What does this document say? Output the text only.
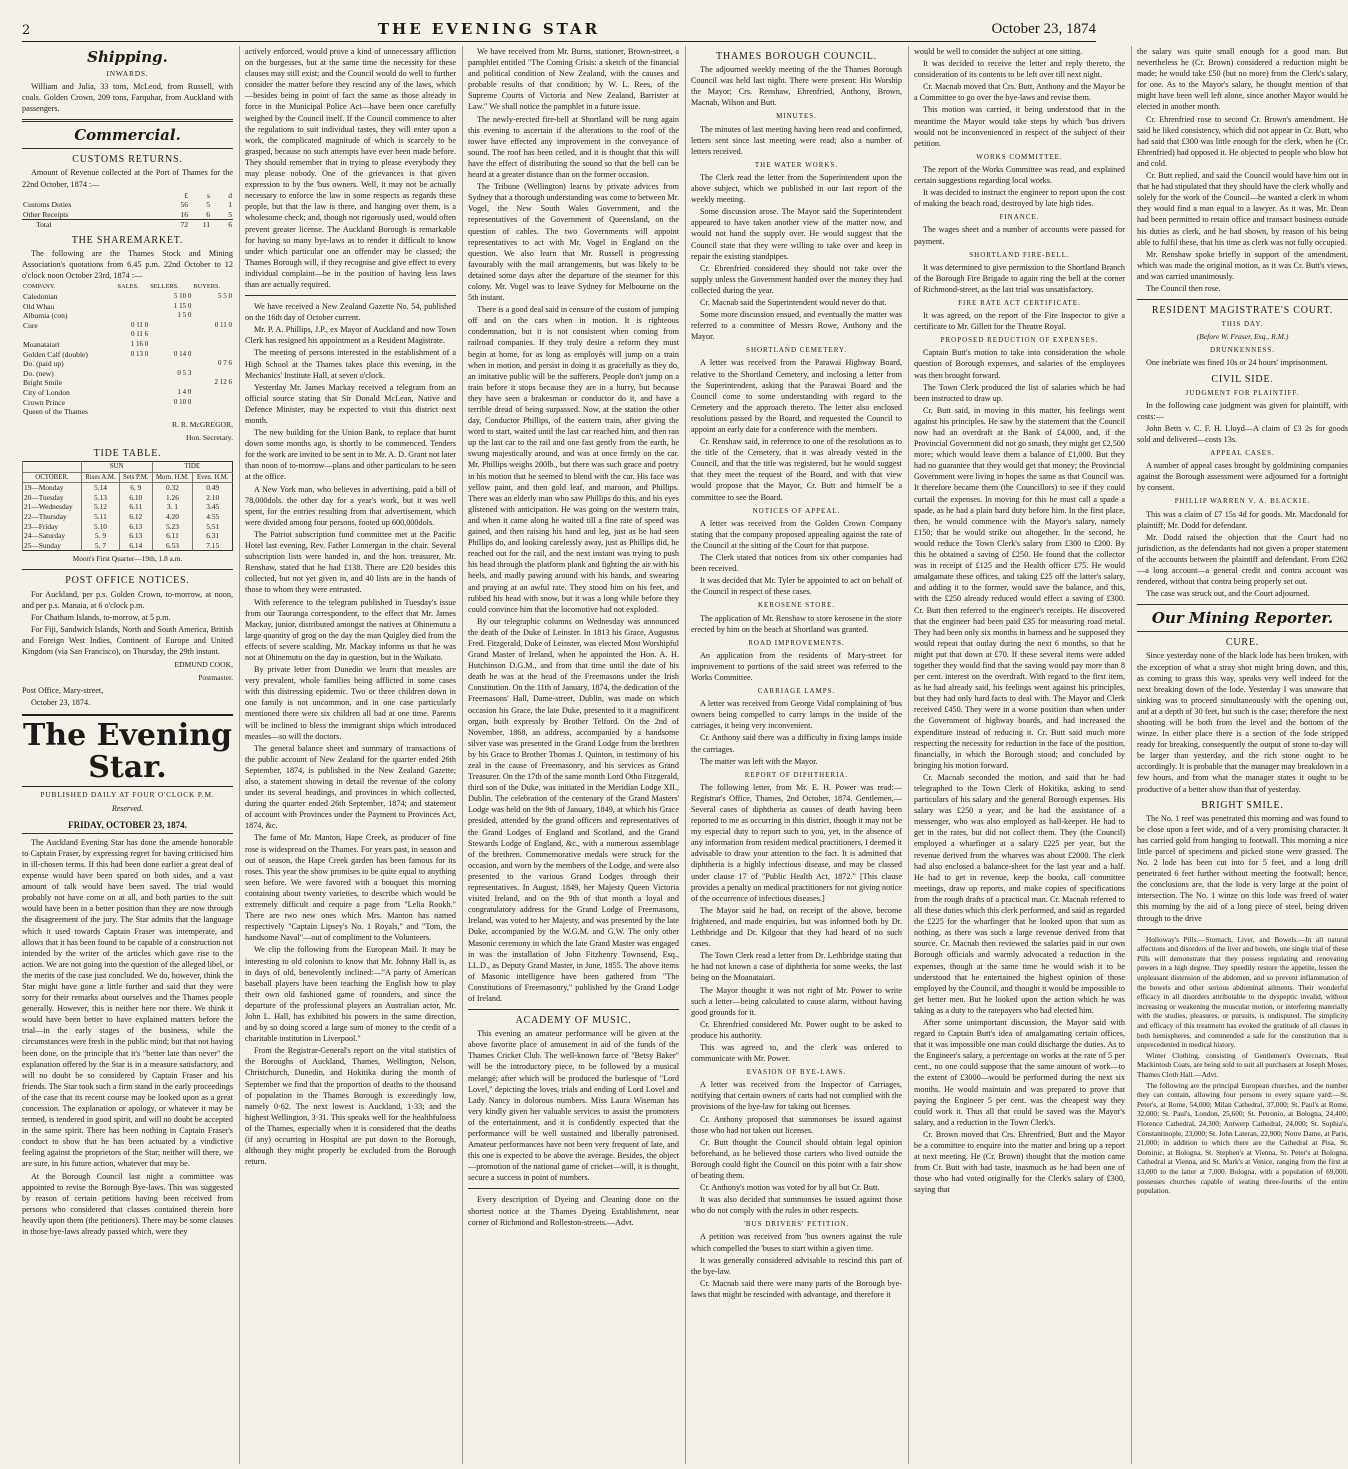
2	THE EVENING STAR	October 23, 1874
Shipping.
INWARDS.

William and Julia, 33 tons, McLeod, from Russell, with coals. Golden Crown, 209 tons, Farquhar, from Auckland with passengers.

Commercial.
CUSTOMS RETURNS.

Amount of Revenue collected at the Port of Thames for the 22nd October, 1874 :—

	£	s	d
Customs Duties	56	5	1
Other Receipts	16	6	5
Total	72	11	6
THE SHAREMARKET.

The following are the Thames Stock and Mining Association's quotations from 6.45 p.m. 22nd October to 12 o'clock noon October 23rd, 1874 :—

COMPANY.	SALES.	SELLERS.	BUYERS.
Caledonian		5 10 0	5 5 0
Old Whau		1 15 0	
Albumia (con)		1 5 0	
Cure	0 11 0		0 11 0
	0 11 6		
Moanataiari	1 16 0		
Golden Calf (double)	0 13 0	0 14 0	
Do. (paid up)			0 7 6
Do. (new)		0 5 3	
Bright Smile			2 12 6
City of London		1 4 0	
Crown Prince		0 10 0	
Queen of the Thames			
R. R. McGREGOR,
Hon. Secretary.
TIDE TABLE.
	SUN		TIDE	
OCTOBER.	Rises A.M.	Sets P.M.	Morn. H.M.	Even. H.M.
19—Monday	5.14	6. 9	0.32	0.49
20—Tuesday	5.13	6.10	1.26	2.10
21—Wednesday	5.12	6.11	3. 1	3.45
22—Thursday	5.11	6.12	4.20	4.55
23—Friday	5.10	6.13	5.23	5.51
24—Saturday	5. 9	6.13	6.11	6.31
25—Sunday	5. 7	6.14	6.53	7.15
Moon's First Quarter—19th, 1.8 a.m.
POST OFFICE NOTICES.

For Auckland, per p.s. Golden Crown, to-morrow, at noon, and per p.s. Manaia, at 6 o'clock p.m.

For Chatham Islands, to-morrow, at 5 p.m.

For Fiji, Sandwich Islands, North and South America, British and Foreign West Indies, Continent of Europe and United Kingdom (via San Francisco), on Thursday, the 29th instant.

EDMUND COOK,
Postmaster.

Post Office, Mary-street,

October 23, 1874.

The Evening Star.
PUBLISHED DAILY AT FOUR O'CLOCK P.M.
Reserved.
FRIDAY, OCTOBER 23, 1874.

The Auckland Evening Star has done the amende honorable to Captain Fraser, by expressing regret for having criticised him in ill-chosen terms. If this had been done earlier a great deal of expense would have been spared on both sides, and a vast amount of talk would have been saved. The trial would probably not have come on at all, and both parties to the suit would have been in a better position than they are now through the disagreement of the jury. The Star admits that the language which it used towards Captain Fraser was intemperate, and allows that it has been found to be capable of a construction not intended by the writer of the articles which gave rise to the action. We are not going into the question of the alleged libel, or the merits of the case just concluded. We do, however, think the Star might have gone a little further and said that they were sorry for their remarks about ourselves and the Thames people generally. However, this is neither here nor there. We think it would have been better to have explained matters before the trial—in the early stages of the business, while the circumstances were fresh in the public mind; but that not having been done, on the principle that it's "better late than never" the explanation offered by the Star is in a measure satisfactory, and will no doubt be so considered by Captain Fraser and his friends. The Star took such a firm stand in the early proceedings of the case that its recent course may be looked upon as a great concession. The explanation or apology, or whatever it may be termed, is tendered in good spirit, and will no doubt be accepted in the same spirit. There has been nothing in Captain Fraser's conduct to show that he has been actuated by a vindictive feeling against the proprietors of the Star; neither will there, we are sure, in his future action, whatever that may be.

At the Borough Council last night a committee was appointed to revise the Borough Bye-laws. This was suggested by reason of certain petitions having been received from persons who considered that classes contained therein bore heavily upon them (the petitioners). There may be some clauses in those bye-laws already passed which, were they

actively enforced, would prove a kind of unnecessary affliction on the burgesses, but at the same time the necessity for these clauses may still exist; and the Council would do well to further consider the matter before they rescind any of the laws, which—besides being in point of fact the same as those already in force in the Municipal Police Act—have been once carefully weighed by the Council itself. If the Council commence to alter the regulations to suit individual tastes, they will enter upon a work, the complicated magnitude of which is scarcely to be grasped, because no such attempts have ever been made before. They should remember that in trying to please everybody they may please nobody. One of the grievances is that given expression to by the 'bus owners. Well, it may not be actually necessary to enforce the law in some respects as regards these people, but that the law is there, and hanging over them, is a wholesome check; and, though not rigorously used, would often prevent greater license. The Auckland Borough is remarkable for having so many bye-laws as to render it difficult to know under which particular one an offender may be classed; the Thames Borough will, if they recognise and give effect to every individual complaint—be in the position of having less laws than are actually required.

We have received a New Zealand Gazette No. 54, published on the 16th day of October current.

Mr. P. A. Phillips, J.P., ex Mayor of Auckland and now Town Clerk has resigned his appointment as a Resident Magistrate.

The meeting of persons interested in the establishment of a High School at the Thames takes place this evening, in the Mechanics' Institute Hall, at seven o'clock.

Yesterday Mr. James Mackay received a telegram from an official source stating that Sir Donald McLean, Native and Defence Minister, may be expected to visit this district next month.

The new building for the Union Bank, to replace that burnt down some months ago, is shortly to be commenced. Tenders for the work are invited to be sent in to Mr. A. D. Grant not later than noon of to-morrow—plans and other particulars to be seen at the office.

A New York man, who believes in advertising, paid a bill of 78,000dols. the other day for a year's work, but it was well spent, for the entries resulting from that advertisement, which were divided among four persons, footed up 600,000dols.

The Patriot subscription fund committee met at the Pacific Hotel last evening, Rev. Father Lonnergan in the chair. Several subscription lists were handed in, and the hon. treasurer, Mr. Renshaw, stated that he had £138. There are £20 besides this collected, but not yet given in, and 40 lists are in the hands of those to whom they were entrusted.

With reference to the telegram published in Tuesday's issue from our Tauranga correspondent, to the effect that Mr. James Mackay, junior, distributed amongst the natives at Ohinemutu a large quantity of grog on the day the man Quigley died from the effects of severe scalding, Mr. Mackay informs us that he was not at Ohinemutu on the day in question, but in the Waikato.

By private letter from Dunedin we learn that measles are very prevalent, whole families being afflicted in some cases with this distressing epidemic. Two or three children down in one family is not uncommon, and in one case particularly mentioned there were six children all bad at one time. Parents will be inclined to bless the immigrant ships which introduced measles—so will the doctors.

The general balance sheet and summary of transactions of the public account of New Zealand for the quarter ended 26th September, 1874, is published in the New Zealand Gazette; also, a statement showing in detail the revenue of the colony under its several headings, and provinces in which collected, during the quarter ended 26th September, 1874; and statement of account with Provinces under the Payment to Provinces Act, 1874, &c.

The fame of Mr. Manton, Hape Creek, as producer of fine rose is widespread on the Thames. For years past, in season and out of season, the Hape Creek garden has been famous for its roses. This year the show promises to be quite equal to anything seen before. We were favored with a bouquet this morning containing about twenty varieties, to describe which would be extremely difficult and require a page from "Lelia Rookh." There are two new ones which Mrs. Manton has named respectively "Captain Lipsey's No. 1 Royals," and "Tom, the handsome Naval"—out of compliment to the Volunteers.

We clip the following from the European Mail. It may be interesting to old colonists to know that Mr. Johnny Hall is, as in days of old, benevolently inclined:—"A party of American baseball players have been teaching the English how to play their own old fashioned game of rounders, and since the departure of the professional players an Australian actor, Mr. John L. Hall, has exhibited his powers in the same direction, and by so doing scored a large sum of money to the credit of a charitable institution in Liverpool."

From the Registrar-General's report on the vital statistics of the Boroughs of Auckland, Thames, Wellington, Nelson, Christchurch, Dunedin, and Hokitika during the month of September we find that the proportion of deaths to the thousand of population in the Thames Borough is exceedingly low, namely 0·62. The next lowest is Auckland, 1·33; and the highest Wellington, 3·31. This speaks well for the healthfulness of the Thames, especially when it is considered that the deaths (if any) occurring in Hospital are put down to the Borough, although they might properly be excluded from the Borough return.

We have received from Mr. Burns, stationer, Brown-street, a pamphlet entitled "The Coming Crisis: a sketch of the financial and political condition of New Zealand, with the causes and probable results of that condition; by W. L. Rees, of the Supreme Courts of Victoria and New Zealand, Barrister at Law." We shall notice the pamphlet in a future issue.

The newly-erected fire-bell at Shortland will be rung again this evening to ascertain if the alterations to the roof of the tower have effected any improvement in the conveyance of sound. The roof has been ceiled, and it is thought that this will have the effect of distributing the sound so that the bell can be heard at a greater distance than on the former occasion.

The Tribune (Wellington) learns by private advices from Sydney that a thorough understanding was come to between Mr. Vogel, the New South Wales Government, and the representatives of the Government of Queensland, on the question of cables. The two Governments will appoint representatives to act with Mr. Vogel in England on the question. We also learn that Mr. Russell is progressing favourably with the mail arrangements, but was likely to be detained some days after the departure of the steamer for this colony. Mr. Vogel was to leave Sydney for Melbourne on the 5th instant.

There is a good deal said in censure of the custom of jumping off and on the cars when in motion. It is righteous condemnation, but it is not consistent when coming from railroad companies. If they truly desire a reform they must begin at home, for as long as employés will jump on a train when in motion, and persist in doing it as gracefully as they do, an imitative public will be the sufferers. People don't jump on a train before it stops because they are in a hurry, but because they have seen a brakesman or conductor do it, and have a terrible dread of being surpassed. Now, at the station the other day, Conductor Phillips, of the eastern train, after giving the word to start, waited until the last car reached him, and then ran up the last car to the rail and one fast gently from the earth, he swung majestically around, and was at once firmly on the car. Mr. Phillips weighs 200lb., but there was such grace and poetry in his motion that he seemed to blend with the car. His face was yellow paint, and then gold leaf, and maroon, and Phillips. There was an elderly man who saw Phillips do this, and his eyes glistened with anticipation. He was going on the western train, and when it came along he waited till a fine rate of speed was gained, and then raising his hand and leg, just as he had seen Phillips do, and looking carelessly away, just as Phillips did, he reached out for the rail, and the next instant was trying to push his head through the platform plank and fighting the air with his heels, and madly pawing around with his hands, and swearing and praying at an awful rate. They stood him on his feet, and rubbed his head with snow, but it was a long while before they could convince him that the locomotive had not exploded.

By our telegraphic columns on Wednesday was announced the death of the Duke of Leinster. In 1813 his Grace, Augustus Fred. Fitzgerald, Duke of Leinster, was elected Most Worshipful Grand Master of Ireland, when he appointed the Hon. A. H. Hutchinson D.G.M., and from that time until the date of his death he was at the head of the Freemasons under the Irish Constitution. On the 11th of January, 1874, the dedication of the Freemasons' Hall, Dame-street, Dublin, was made on which occasion his Grace, the late Duke, presented to it a magnificent organ, built expressly by Brother Telford. On the 2nd of November, 1868, an address, accompanied by a handsome silver vase was presented in the Grand Lodge from the brethren by his Grace to Brother Thomas J. Quinton, in testimony of his zeal in the cause of Freemasonry, and his services as Grand Treasurer. On the 17th of the same month Lord Otho Fitzgerald, third son of the Duke, was initiated in the Meridian Lodge XII., Dublin. The celebration of the centenary of the Grand Masters' Lodge was held on the 9th of January, 1849, at which his Grace presided, attended by the grand officers and representatives of the Grand Lodges of England and Scotland, and the Grand Stewards Lodge of England, &c., with a numerous assemblage of the brethren. Commemorative medals were struck for the occasion, and worn by the members of the Lodge, and were also presented to the various Grand Lodges through their representatives. In August, 1849, her Majesty Queen Victoria visited Ireland, and on the 9th of that month a loyal and congratulatory address for the Grand Lodge of Freemasons, Ireland, was voted to her Majesty, and was presented by the late Duke, accompanied by the W.G.M. and G.W. The only other Masonic ceremony in which the late Grand Master was engaged in was the installation of John Fitzhenry Townsend, Esq., LL.D., as Deputy Grand Master, in June, 1855. The above items of Masonic intelligence have been gathered from "The Constitutions of Freemasonry," published by the Grand Lodge of Ireland.

ACADEMY OF MUSIC.

This evening an amateur performance will be given at the above favorite place of amusement in aid of the funds of the Thames Cricket Club. The well-known farce of "Betsy Baker" will be the introductory piece, to be followed by a musical melangé; after which will be produced the burlesque of "Lord Lovel," depicting the loves, trials and ending of Lord Lovel and Lady Nancy in dolorous numbers. Miss Laura Wiseman has very kindly given her valuable services to assist the promoters of the entertainment, and it is confidently expected that the performance will be well sustained and liberally patronised. Amateur performances have not been very frequent of late, and this one is expected to be above the average. Besides, the object—promotion of the national game of cricket—will, it is thought, secure a success in point of numbers.

Every description of Dyeing and Cleaning done on the shortest notice at the Thames Dyeing Establishment, near corner of Richmond and Rolleston-streets.—Advt.

THAMES BOROUGH COUNCIL.

The adjourned weekly meeting of the the Thames Borough Council was held last night. There were present: His Worship the Mayor; Crs. Renshaw, Ehrenfried, Anthony, Brown, Macnab, Wilson and Butt.

MINUTES.

The minutes of last meeting having been read and confirmed, letters sent since last meeting were read; also a number of letters received.

THE WATER WORKS.

The Clerk read the letter from the Superintendent upon the above subject, which we published in our last report of the weekly meeting.

Some discussion arose. The Mayor said the Superintendent appeared to have taken another view of the matter now, and would not hand the supply over. He would suggest that the Council state that they were willing to take over and keep in repair the existing standpipes.

Cr. Ehrenfried considered they should not take over the supply unless the Government handed over the money they had collected during the year.

Cr. Macnab said the Superintendent would never do that.

Some more discussion ensued, and eventually the matter was referred to a committee of Messrs Rowe, Anthony and the Mayor.

SHORTLAND CEMETERY.

A letter was received from the Parawai Highway Board, relative to the Shortland Cemetery, and inclosing a letter from the Superintendent, asking that the Parawai Board and the Council come to some understanding with regard to the Cemetery and the approach thereto. The letter also enclosed resolutions passed by the Board, and requested the Council to appoint an early date for a conference with the members.

Cr. Renshaw said, in reference to one of the resolutions as to the title of the Cemetery, that it was already vested in the Council, and that the title was registered, but he would suggest that they meet the request of the Board, and with that view would propose that the Mayor, Cr. Butt and himself be a committee to see the Board.

NOTICES OF APPEAL.

A letter was received from the Golden Crown Company stating that the company proposed appealing against the rate of the Council at the sitting of the Court for that purpose.

The Clerk stated that notices from six other companies had been received.

It was decided that Mr. Tyler be appointed to act on behalf of the Council in respect of these cases.

KEROSENE STORE.

The application of Mr. Renshaw to store kerosene in the store erected by him on the beach at Shortland was granted.

ROAD IMPROVEMENTS.

An application from the residents of Mary-street for improvement to portions of the said street was referred to the Works Committee.

CARRIAGE LAMPS.

A letter was received from George Vidal complaining of 'bus owners being compelled to carry lamps in the inside of the carriages, it being very inconvenient.

Cr. Anthony said there was a difficulty in fixing lamps inside the carriages.

The matter was left with the Mayor.

REPORT OF DIPHTHERIA.

The following letter, from Mr. E. H. Power was read:—Registrar's Office, Thames, 2nd October, 1874. Gentlemen,—Several cases of diphtheria as causes of death having been reported to me as occurring in this district, though it may not be my especial duty to report such to you, yet, in the absence of any information from resident medical practitioners, I deemed it advisable to draw your attention to the fact. It is admitted that diphtheria is a highly infectious disease, and may be classed under clause 17 of "Public Health Act, 1872." [This clause provides a penalty on medical practitioners for not giving notice of the occurrence of infectious diseases.]

The Mayor said he had, on receipt of the above, become frightened, and made enquiries, but was informed both by Dr. Lethbridge and Dr. Kilgour that they had heard of no such cases.

The Town Clerk read a letter from Dr. Lethbridge stating that he had not known a case of diphtheria for some weeks, the last being on the Moanataiari.

The Mayor thought it was not right of Mr. Power to write such a letter—being calculated to cause alarm, without having good grounds for it.

Cr. Ehrenfried considered Mr. Power ought to be asked to produce his authority.

This was agreed to, and the clerk was ordered to communicate with Mr. Power.

EVASION OF BYE-LAWS.

A letter was received from the Inspector of Carriages, notifying that certain owners of carts had not complied with the provisions of the bye-law for taking out licenses.

Cr. Anthony proposed that summonses be issued against those who had not taken out licenses.

Cr. Butt thought the Council should obtain legal opinion beforehand, as he believed those carters who lived outside the Borough could fight the Council on this point with a fair show of beating them.

Cr. Anthony's motion was voted for by all but Cr. Butt.

It was also decided that summonses be issued against those who do not comply with the rules in other respects.

'BUS DRIVERS' PETITION.

A petition was received from 'bus owners against the rule which compelled the 'buses to start within a given time.

It was generally considered advisable to rescind this part of the bye-law.

Cr. Macnab said there were many parts of the Borough bye-laws that might be rescinded with advantage, and therefore it

would be well to consider the subject at one sitting.

It was decided to receive the letter and reply thereto, the consideration of its contents to be left over till next night.

Cr. Macnab moved that Crs. Butt, Anthony and the Mayor be a Committee to go over the bye-laws and revise them.

This motion was carried, it being understood that in the meantime the Mayor would take steps by which 'bus drivers would not be inconvenienced in respect of the subject of their petition.

WORKS COMMITTEE.

The report of the Works Committee was read, and explained certain suggestions regarding local works.

It was decided to instruct the engineer to report upon the cost of making the beach road, destroyed by late high tides.

FINANCE.

The wages sheet and a number of accounts were passed for payment.

SHORTLAND FIRE-BELL.

It was determined to give permission to the Shortland Branch of the Borough Fire Brigade to again ring the bell at the corner of Richmond-street, as the last trial was unsatisfactory.

FIRE RATE ACT CERTIFICATE.

It was agreed, on the report of the Fire Inspector to give a certificate to Mr. Gillett for the Theatre Royal.

PROPOSED REDUCTION OF EXPENSES.

Captain Butt's motion to take into consideration the whole question of Borough expenses, and salaries of the employees was then brought forward.

The Town Clerk produced the list of salaries which he had been instructed to draw up.

Cr. Butt said, in moving in this matter, his feelings went against his principles. He saw by the statement that the Council now had an overdraft at the Bank of £4,000, and, if the Provincial Government did not go smash, they might get £2,500 more; which would leave them a balance of £1,000. But they had no guarantee that they would get that money; the Provincial Government were living in hopes the same as that Council was. It therefore became them (the Councillors) to see if they could curtail the expenses. In moving for this he must call a spade a spade, as he had a plain hard duty before him. In the first place, then, he would commence with the Mayor's salary, namely £150; that he would strike out altogether. In the second, he would reduce the Town Clerk's salary from £300 to £200. By this he obtained a saving of £250. He found that the collector was in receipt of £125 and the Health officer £75. He would amalgamate these offices, and taking £25 off the latter's salary, and adding it to the former, would save the balance, and this, with the £250 already reduced would effect a saving of £300. Cr. Butt then referred to the engineer's receipts. He discovered that the engineer had been paid £35 for measuring road metal. They had been only six months in harness and he supposed they would repeat that outlay during the next 6 months, so that he might put that down at £70. If these several items were added together they would find that the saving would pay more than 8 per cent. interest on the overdraft. With regard to the first item, as he had already said, his feelings went against his principles, but they had only hard facts to deal with. The Mayor and Clerk received £450. They were in a worse position than when under the Government of highway boards, and had increased the expenditure instead of reducing it. Cr. Butt said much more respecting the necessity for reduction in the face of the position, financially, in which the Borough stood; and concluded by bringing his motion forward.

Cr. Macnab seconded the motion, and said that he had telegraphed to the Town Clerk of Hokitika, asking to send particulars of his salary and the general Borough expenses. His salary was £250 a year, and he had the assistance of a messenger, who was also employed as hall-keeper. He had to get in the rates, but did not collect them. They (the Council) employed a wharfinger at a salary £225 per year, but the revenue derived from the wharves was about £2000. The clerk had also enclosed a balance-sheet for the last year and a half. He had to get in revenue, keep the books, call committee meetings, draw up reports, and make copies of specifications from the rough drafts of a practical man. Cr. Macnab referred to all these duties which this clerk performed, and said as regarded the £225 for the wharfinger that he looked upon that sum as nothing, as there was such a large revenue derived from that source. Cr. Macnab then reviewed the salaries paid in our own Borough officials and warmly advocated a reduction in the expenses, though at the same time he would wish it to be understood that he entertained the highest opinion of those employed by the Council, and thought it would be impossible to get better men. But he looked upon the action which he was taking as a duty to the ratepayers who had elected him.

After some unimportant discussion, the Mayor said with regard to Captain Butt's idea of amalgamating certain offices, that it was impossible one man could discharge the duties. As to the Engineer's salary, a percentage on works at the rate of 5 per cent., no one could suppose that the same amount of work—to the extent of £3000—would be performed during the next six months. He would maintain and was prepared to prove that paying the Engineer 5 per cent. was the cheapest way they could work it. Thus all that could be saved was the Mayor's salary, and a reduction in the Town Clerk's.

Cr. Brown moved that Crs. Ehrenfried, Butt and the Mayor be a committee to enquire into the matter and bring up a report at next meeting. He (Cr. Brown) thought that the motion came from Cr. Butt with bad taste, inasmuch as he had been one of those who had voted originally for the Clerk's salary of £300, saying that

the salary was quite small enough for a good man. But nevertheless he (Cr. Brown) considered a reduction might be made; he would take £50 (but no more) from the Clerk's salary, for one. As to the Mayor's salary, he thought mention of that might have been well left alone, since another Mayor would be elected in another month.

Cr. Ehrenfried rose to second Cr. Brown's amendment. He said he liked consistency, which did not appear in Cr. Butt, who had said that £300 was little enough for the clerk, when he (Cr. Ehrenfried) had opposed it. He objected to people who blow hot and cold.

Cr. Butt replied, and said the Council would have him out in that he had stipulated that they should have the clerk wholly and solely for the work of the Council—he wanted a clerk in whom they would find a man equal to a lawyer. As it was, Mr. Dean had been permitted to retain office and transact business outside his duties as clerk, and he had shown, by reason of his being able to fulfil these, that his time as clerk was not fully occupied.

Mr. Renshaw spoke briefly in support of the amendment, which was made the original motion, as it was Cr. Butt's views, and was carried unanimously.

The Council then rose.

RESIDENT MAGISTRATE'S COURT.
THIS DAY.
(Before W. Fraser, Esq., R.M.)
DRUNKENNESS.

One inebriate was fined 10s or 24 hours' imprisonment.

CIVIL SIDE.
JUDGMENT FOR PLAINTIFF.

In the following case judgment was given for plaintiff, with costs:—

John Betts v. C. F. H. Lloyd—A claim of £3 2s for goods sold and delivered—costs 13s.

APPEAL CASES.

A number of appeal cases brought by goldmining companies against the Borough assessment were adjourned for a fortnight by consent.

PHILLIP WARREN V. A. BLACKIE.

This was a claim of £7 15s 4d for goods. Mr. Macdonald for plaintiff; Mr. Dodd for defendant.

Mr. Dodd raised the objection that the Court had no jurisdiction, as the defendants had not given a proper statement of the accounts between the plaintiff and defendant. From £262—a long account—a general credit and contra account was rendered, without that contra being properly set out.

The case was struck out, and the Court adjourned.

Our Mining Reporter.
CURE.

Since yesterday none of the black lode has been broken, with the exception of what a stray shot might bring down, and this, as coming to grass this way, speaks very well indeed for the next breaking down of the lode. Yesterday I was unaware that sinking was to proceed simultaneously with the opening out, and at a depth of 30 feet, but such is the case; therefore the next shooting will be both from the level and the bottom of the winze. In either place there is a section of the lode stripped ready for breaking, consequently the output of stone to-day will be larger than yesterday, and the rich stone ought to be accordingly. It is probable that the manager may breakdown in a few hours, and from what the manager states it ought to be productive of a better show than that of yesterday.

BRIGHT SMILE.

The No. 1 reef was penetrated this morning and was found to be close upon a feet wide, and of a very promising character. It has carried gold from hanging to footwall. This morning a nice little parcel of specimens and picked stone were grassed. The No. 2 lode has been cut into for 5 feet, and a long drill penetrated 6 feet further without meeting the footwall; hence, the conclusions are, that the lode is very large at the point of intersection. The No. 1 winze on this lode was freed of water this morning by the aid of a long piece of steel, being driven through to the drive

Holloway's Pills.—Stomach, Liver, and Bowels.—In all natural affections and disorders of the liver and bowels, one single trial of these Pills will demonstrate that they possess regulating and renovating powers in a high degree. They speedily restore the appetite, lessen the unpleasant distension of the abdomen, and so prevent inflammation of the bowels and other serious abdominal ailments. Their wonderful efficacy in all disorders attributable to the dyspeptic invalid, without increasing or weakening the muscular motion, or interfering materially with the studies, pleasures, or pursuits, is undisputed. The simplicity and efficacy of this treatment has evoked the gratitude of all classes in both hemispheres, and commended a safe for the constitution that is unprecedented in medical history.

Winter Clothing, consisting of Gentlemen's Overcoats, Real Mackintosh Coats, are being sold to suit all purchasers at Joseph Moses, Thames Cloth Hall.—Advt.

The following are the principal European churches, and the number they can contain, allowing four persons to every square yard:—St. Peter's, at Rome, 54,000; Milan Cathedral, 37,000; St. Paul's at Rome, 32,000; St. Paul's, London, 25,600; St. Petronio, at Bologna, 24,400; Florence Cathedral, 24,300; Antwerp Cathedral, 24,000; St. Sophia's, Constantinople, 23,000; St. John Lateran, 22,900; Notre Dame, at Paris, 21,000; in addition to which there are the Cathedral at Pisa, St. Dominic, at Bologna, St. Stephen's at Vienna, St. Peter's at Bologna, Cathedral at Vienna, and St. Mark's at Venice, ranging from the first at 13,000 to the latter at 7,000. Bologna, with a population of 69,000, possesses churches capable of seating three-fourths of the entire population.
